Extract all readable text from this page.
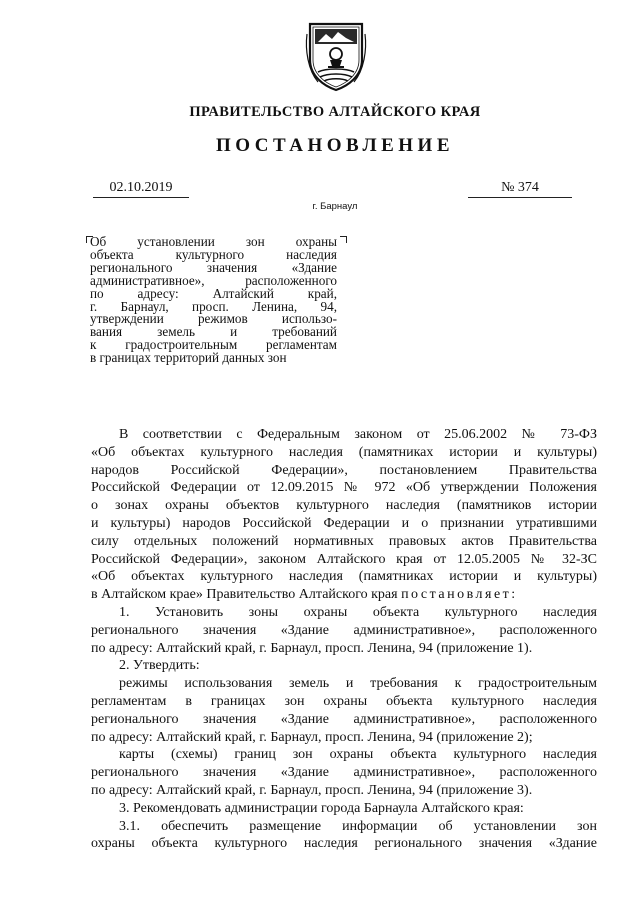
ПРАВИТЕЛЬСТВО АЛТАЙСКОГО КРАЯ
ПОСТАНОВЛЕНИЕ
02.10.2019	№ 374
г. Барнаул

Об установлении зон охраны

объекта культурного наследия

регионального значения «Здание

административное», расположенного

по адресу: Алтайский край,

г. Барнаул, просп. Ленина, 94,

утверждении режимов использо-

вания земель и требований

к градостроительным регламентам

в границах территорий данных зон

В соответствии с Федеральным законом от 25.06.2002 № 73-ФЗ
«Об объектах культурного наследия (памятниках истории и культуры)
народов Российской Федерации», постановлением Правительства
Российской Федерации от 12.09.2015 № 972 «Об утверждении Положения
о зонах охраны объектов культурного наследия (памятников истории
и культуры) народов Российской Федерации и о признании утратившими
силу отдельных положений нормативных правовых актов Правительства
Российской Федерации», законом Алтайского края от 12.05.2005 № 32-ЗС
«Об объектах культурного наследия (памятниках истории и культуры)
в Алтайском крае» Правительство Алтайского края постановляет:

1. Установить зоны охраны объекта культурного наследия
регионального значения «Здание административное», расположенного
по адресу: Алтайский край, г. Барнаул, просп. Ленина, 94 (приложение 1).

2. Утвердить:

режимы использования земель и требования к градостроительным
регламентам в границах зон охраны объекта культурного наследия
регионального значения «Здание административное», расположенного
по адресу: Алтайский край, г. Барнаул, просп. Ленина, 94 (приложение 2);

карты (схемы) границ зон охраны объекта культурного наследия
регионального значения «Здание административное», расположенного
по адресу: Алтайский край, г. Барнаул, просп. Ленина, 94 (приложение 3).

3. Рекомендовать администрации города Барнаула Алтайского края:

3.1. обеспечить размещение информации об установлении зон
охраны объекта культурного наследия регионального значения «Здание
